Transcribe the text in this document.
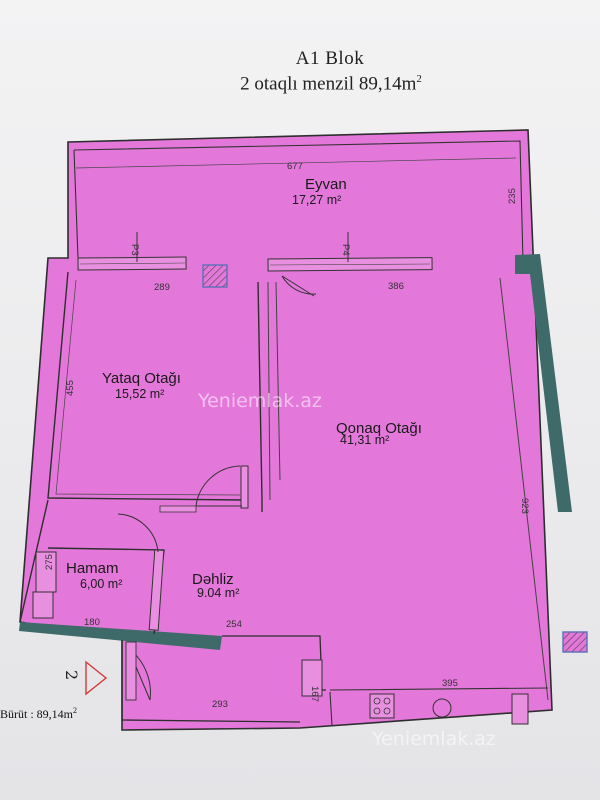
A1 Blok
2 otaqlı menzil $89,14m^2$
Eyvan
17,27 m²
Yataq Otağı
15,52 m²
Qonaq Otağı
41,31 m²
Hamam
6,00 m²	Dəhliz
9.04 m²
677
235
289	386
455
923
180	254
275
167
293
395
P3	P4
2
Bürüt : $89,14m^2$
Yeniemlak.az
Yeniemlak.az
